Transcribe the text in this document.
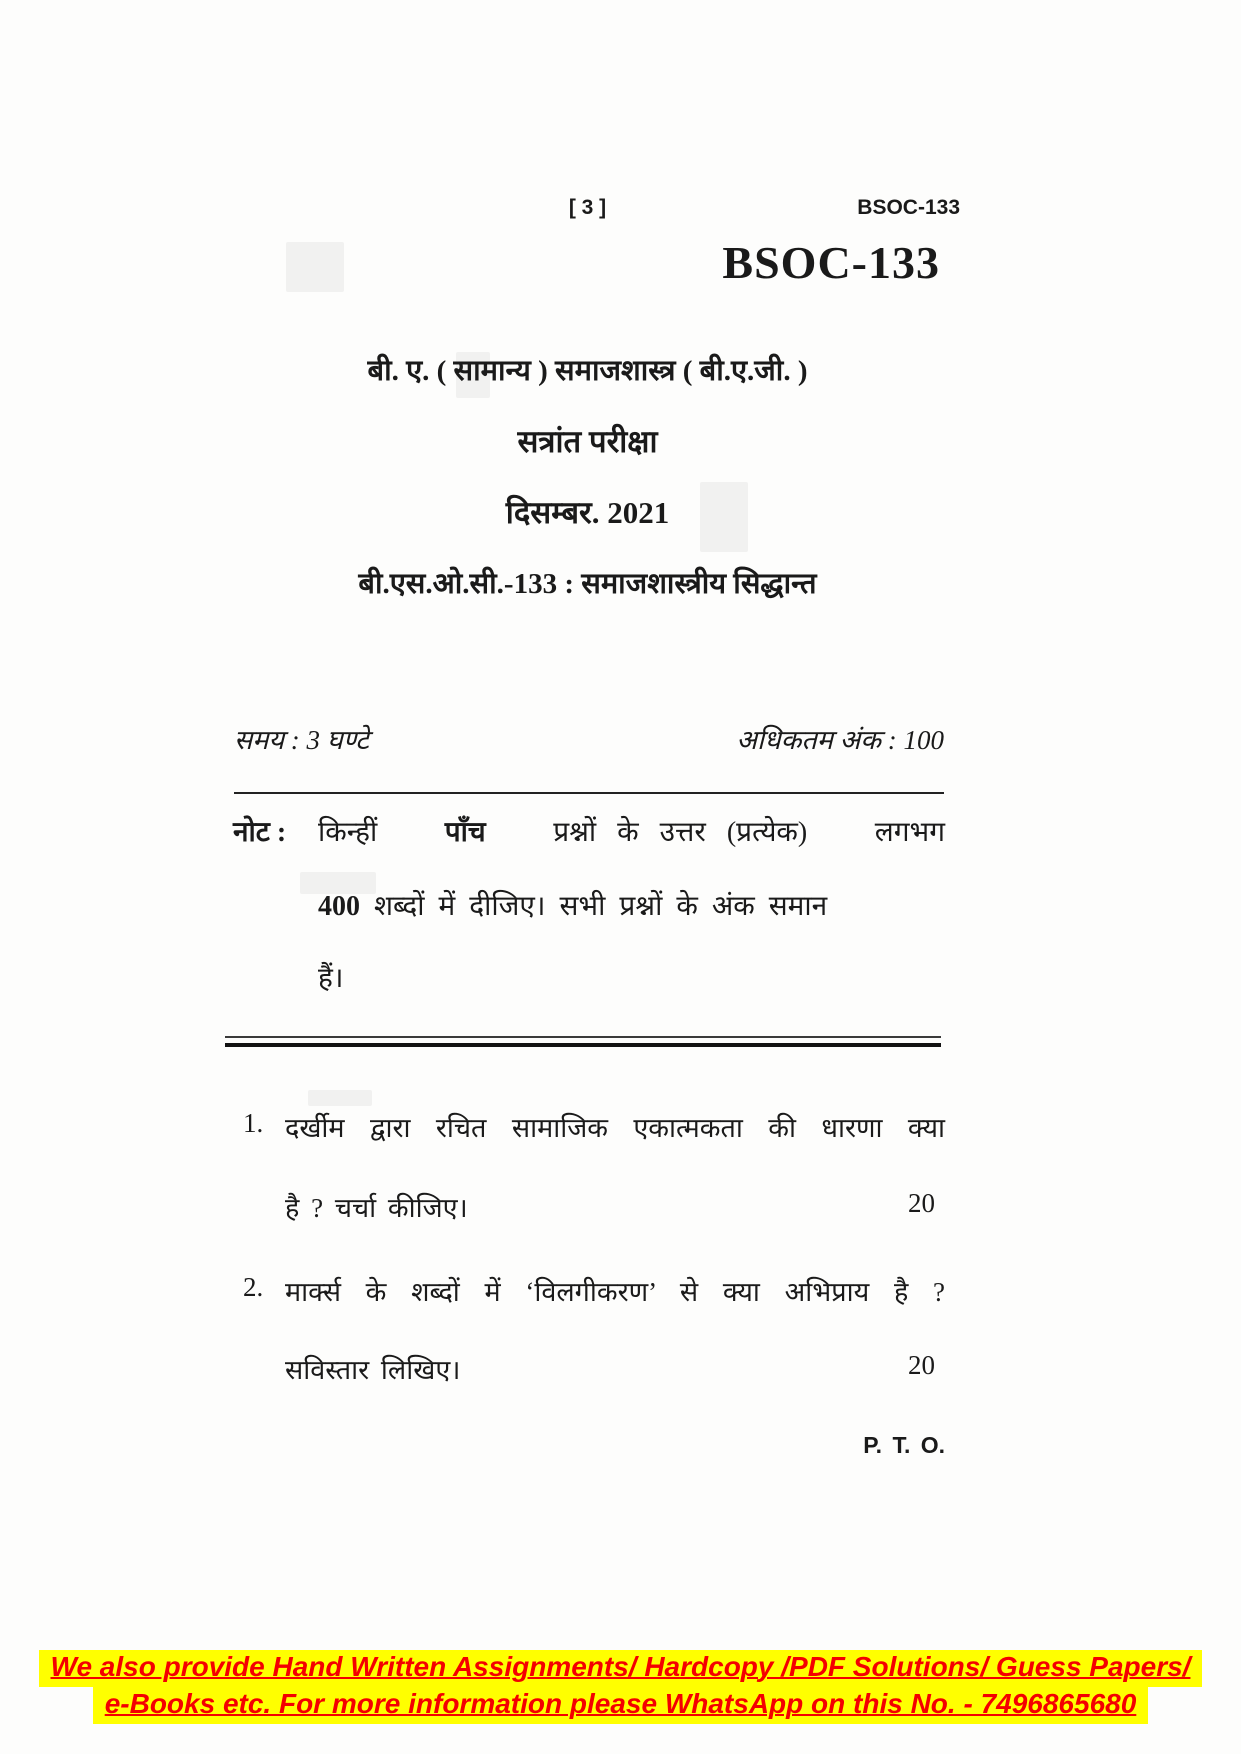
[ 3 ]	BSOC-133
BSOC-133
बी. ए. ( सामान्य ) समाजशास्त्र ( बी.ए.जी. )
सत्रांत परीक्षा
दिसम्बर. 2021
बी.एस.ओ.सी.-133 : समाजशास्त्रीय सिद्धान्त
समय : 3 घण्टे	अधिकतम अंक : 100
नोट : किन्हीं पाँच प्रश्नों के उत्तर (प्रत्येक) लगभग
400 शब्दों में दीजिए। सभी प्रश्नों के अंक समान
हैं।
1. दर्खीम द्वारा रचित सामाजिक एकात्मकता की धारणा क्या
है ? चर्चा कीजिए।	20
2. मार्क्स के शब्दों में ‘विलगीकरण’ से क्या अभिप्राय है ?
सविस्तार लिखिए।	20
P. T. O.
We also provide Hand Written Assignments/ Hardcopy /PDF Solutions/ Guess Papers/
e-Books etc. For more information please WhatsApp on this No. - 7496865680
